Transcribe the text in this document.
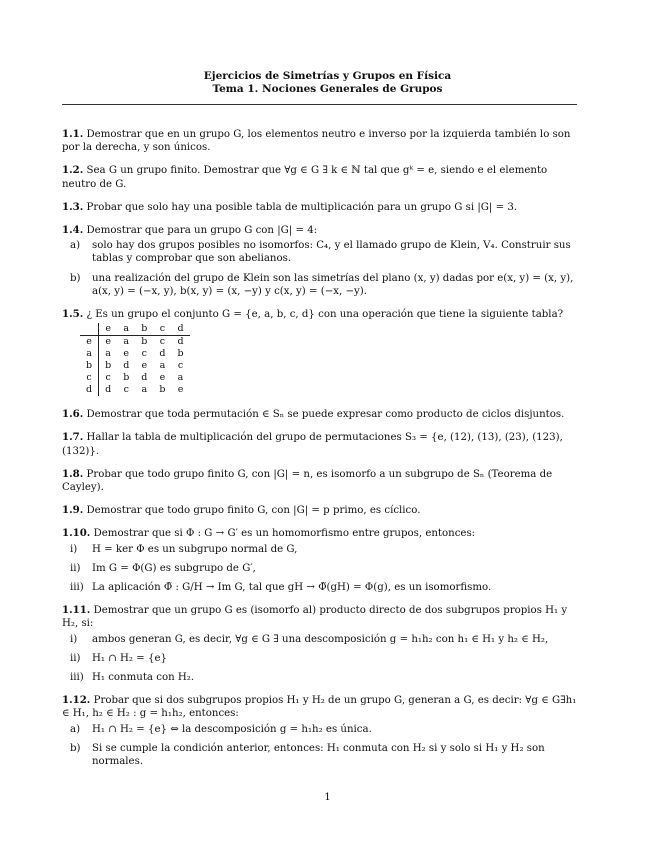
Ejercicios de Simetrías y Grupos en Física
Tema 1. Nociones Generales de Grupos
1.1. Demostrar que en un grupo G, los elementos neutro e inverso por la izquierda también lo son por la derecha, y son únicos.
1.2. Sea G un grupo finito. Demostrar que ∀g ∈ G ∃ k ∈ ℕ tal que gᵏ = e, siendo e el elemento neutro de G.
1.3. Probar que solo hay una posible tabla de multiplicación para un grupo G si |G| = 3.
1.4. Demostrar que para un grupo G con |G| = 4:
a) solo hay dos grupos posibles no isomorfos: C₄, y el llamado grupo de Klein, V₄. Construir sus tablas y comprobar que son abelianos.
b) una realización del grupo de Klein son las simetrías del plano (x, y) dadas por e(x, y) = (x, y), a(x, y) = (−x, y), b(x, y) = (x, −y) y c(x, y) = (−x, −y).
1.5. ¿ Es un grupo el conjunto G = {e, a, b, c, d} con una operación que tiene la siguiente tabla?
	e	a	b	c	d
e	e	a	b	c	d
a	a	e	c	d	b
b	b	d	e	a	c
c	c	b	d	e	a
d	d	c	a	b	e
1.6. Demostrar que toda permutación ∈ Sₙ se puede expresar como producto de ciclos disjuntos.
1.7. Hallar la tabla de multiplicación del grupo de permutaciones S₃ = {e, (12), (13), (23), (123), (132)}.
1.8. Probar que todo grupo finito G, con |G| = n, es isomorfo a un subgrupo de Sₙ (Teorema de Cayley).
1.9. Demostrar que todo grupo finito G, con |G| = p primo, es cíclico.
1.10. Demostrar que si Φ : G → G′ es un homomorfismo entre grupos, entonces:
i) H = ker Φ es un subgrupo normal de G,
ii) Im G = Φ(G) es subgrupo de G′,
iii) La aplicación Φ̃ : G/H → Im G, tal que gH → Φ̃(gH) = Φ(g), es un isomorfismo.
1.11. Demostrar que un grupo G es (isomorfo al) producto directo de dos subgrupos propios H₁ y H₂, si:
i) ambos generan G, es decir, ∀g ∈ G ∃ una descomposición g = h₁h₂ con h₁ ∈ H₁ y h₂ ∈ H₂,
ii) H₁ ∩ H₂ = {e}
iii) H₁ conmuta con H₂.
1.12. Probar que si dos subgrupos propios H₁ y H₂ de un grupo G, generan a G, es decir: ∀g ∈ G∃h₁ ∈ H₁, h₂ ∈ H₂ : g = h₁h₂, entonces:
a) H₁ ∩ H₂ = {e} ⇔ la descomposición g = h₁h₂ es única.
b) Si se cumple la condición anterior, entonces: H₁ conmuta con H₂ si y solo si H₁ y H₂ son normales.
1
